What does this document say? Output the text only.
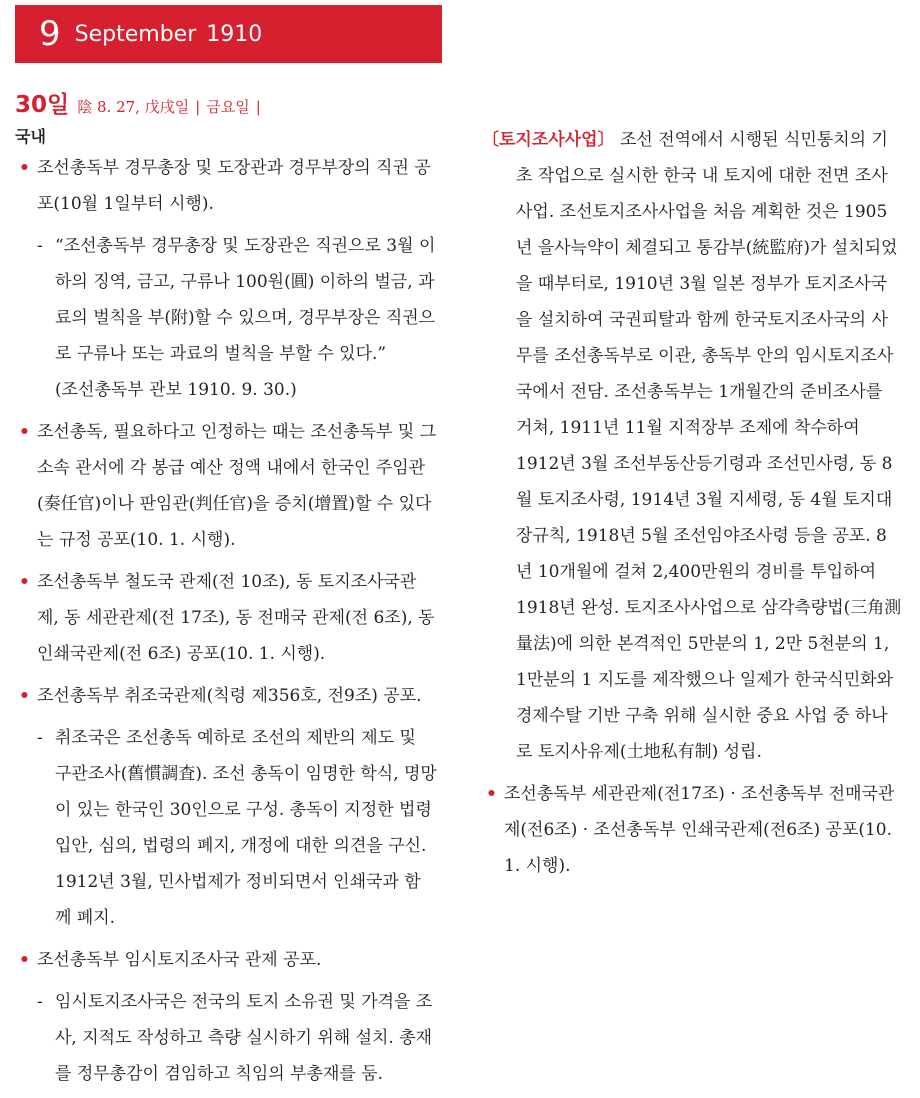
9 September 1910
30일 陰 8. 27, 戊戌일 | 금요일 |
국내
• 조선총독부 경무총장 및 도장관과 경무부장의 직권 공포(10월 1일부터 시행).
- “조선총독부 경무총장 및 도장관은 직권으로 3월 이하의 징역, 금고, 구류나 100원(圓) 이하의 벌금, 과료의 벌칙을 부(附)할 수 있으며, 경무부장은 직권으로 구류나 또는 과료의 벌칙을 부할 수 있다.”
(조선총독부 관보 1910. 9. 30.)
• 조선총독, 필요하다고 인정하는 때는 조선총독부 및 그 소속 관서에 각 봉급 예산 정액 내에서 한국인 주임관(奏任官)이나 판임관(判任官)을 증치(增置)할 수 있다는 규정 공포(10. 1. 시행).
• 조선총독부 철도국 관제(전 10조), 동 토지조사국관제, 동 세관관제(전 17조), 동 전매국 관제(전 6조), 동 인쇄국관제(전 6조) 공포(10. 1. 시행).
• 조선총독부 취조국관제(칙령 제356호, 전9조) 공포.
- 취조국은 조선총독 예하로 조선의 제반의 제도 및 구관조사(舊慣調査). 조선 총독이 임명한 학식, 명망이 있는 한국인 30인으로 구성. 총독이 지정한 법령 입안, 심의, 법령의 폐지, 개정에 대한 의견을 구신. 1912년 3월, 민사법제가 정비되면서 인쇄국과 함께 폐지.
• 조선총독부 임시토지조사국 관제 공포.
- 임시토지조사국은 전국의 토지 소유권 및 가격을 조사, 지적도 작성하고 측량 실시하기 위해 설치. 총재를 정무총감이 겸임하고 칙임의 부총재를 둠.
〔토지조사사업〕 조선 전역에서 시행된 식민통치의 기초 작업으로 실시한 한국 내 토지에 대한 전면 조사사업. 조선토지조사사업을 처음 계획한 것은 1905년 을사늑약이 체결되고 통감부(統監府)가 설치되었을 때부터로, 1910년 3월 일본 정부가 토지조사국을 설치하여 국권피탈과 함께 한국토지조사국의 사무를 조선총독부로 이관, 총독부 안의 임시토지조사국에서 전담. 조선총독부는 1개월간의 준비조사를 거쳐, 1911년 11월 지적장부 조제에 착수하여 1912년 3월 조선부동산등기령과 조선민사령, 동 8월 토지조사령, 1914년 3월 지세령, 동 4월 토지대장규칙, 1918년 5월 조선임야조사령 등을 공포. 8년 10개월에 걸쳐 2,400만원의 경비를 투입하여 1918년 완성. 토지조사사업으로 삼각측량법(三角測量法)에 의한 본격적인 5만분의 1, 2만 5천분의 1, 1만분의 1 지도를 제작했으나 일제가 한국식민화와 경제수탈 기반 구축 위해 실시한 중요 사업 중 하나로 토지사유제(土地私有制) 성립.
• 조선총독부 세관관제(전17조) · 조선총독부 전매국관제(전6조) · 조선총독부 인쇄국관제(전6조) 공포(10. 1. 시행).
